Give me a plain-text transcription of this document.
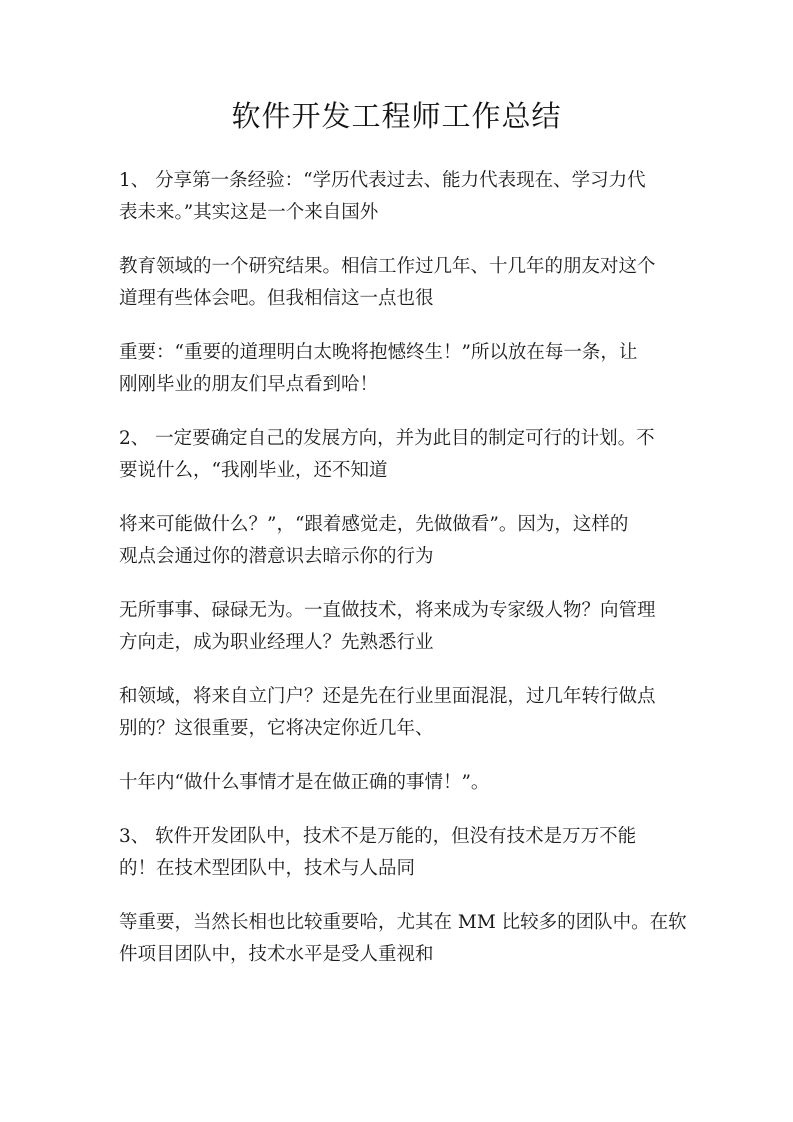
软件开发工程师工作总结

1、 分享第一条经验：“学历代表过去、能力代表现在、学习力代
表未来。”其实这是一个来自国外

教育领域的一个研究结果。相信工作过几年、十几年的朋友对这个
道理有些体会吧。但我相信这一点也很

重要：“重要的道理明白太晚将抱憾终生！”所以放在每一条，让
刚刚毕业的朋友们早点看到哈！

2、 一定要确定自己的发展方向，并为此目的制定可行的计划。不
要说什么，“我刚毕业，还不知道

将来可能做什么？”，“跟着感觉走，先做做看”。因为，这样的
观点会通过你的潜意识去暗示你的行为

无所事事、碌碌无为。一直做技术，将来成为专家级人物？向管理
方向走，成为职业经理人？先熟悉行业

和领域，将来自立门户？还是先在行业里面混混，过几年转行做点
别的？这很重要，它将决定你近几年、

十年内“做什么事情才是在做正确的事情！”。

3、 软件开发团队中，技术不是万能的，但没有技术是万万不能
的！在技术型团队中，技术与人品同

等重要，当然长相也比较重要哈，尤其在 MM 比较多的团队中。在软
件项目团队中，技术水平是受人重视和
